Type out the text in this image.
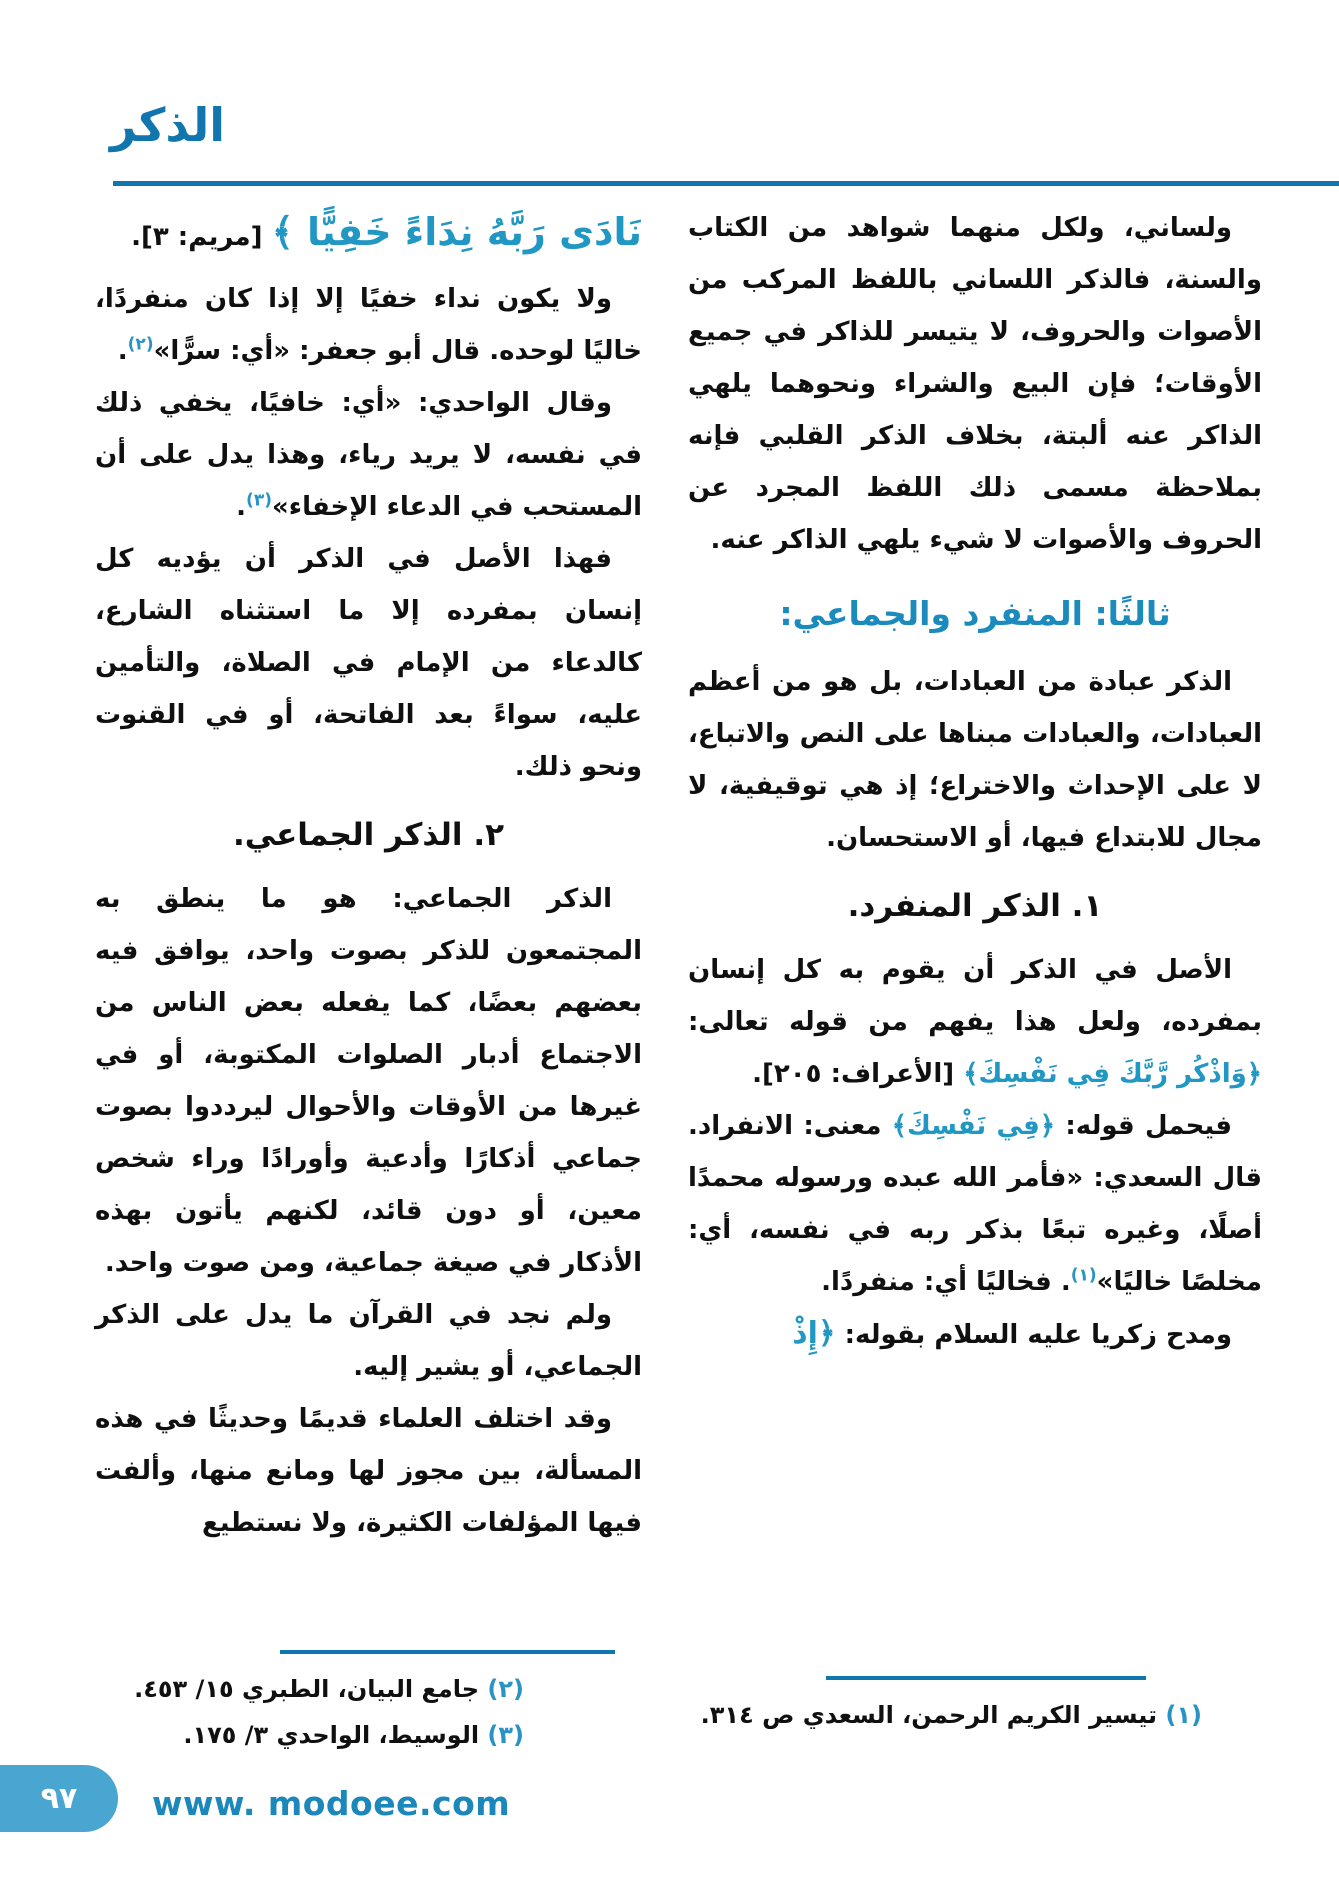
الذكر

ولساني، ولكل منهما شواهد من الكتاب والسنة، فالذكر اللساني باللفظ المركب من الأصوات والحروف، لا يتيسر للذاكر في جميع الأوقات؛ فإن البيع والشراء ونحوهما يلهي الذاكر عنه ألبتة، بخلاف الذكر القلبي فإنه بملاحظة مسمى ذلك اللفظ المجرد عن الحروف والأصوات لا شيء يلهي الذاكر عنه.

ثالثًا: المنفرد والجماعي:

الذكر عبادة من العبادات، بل هو من أعظم العبادات، والعبادات مبناها على النص والاتباع، لا على الإحداث والاختراع؛ إذ هي توقيفية، لا مجال للابتداع فيها، أو الاستحسان.

١. الذكر المنفرد.

الأصل في الذكر أن يقوم به كل إنسان بمفرده، ولعل هذا يفهم من قوله تعالى: ﴿وَاذْكُر رَّبَّكَ فِي نَفْسِكَ﴾ [الأعراف: ٢٠٥].

فيحمل قوله: ﴿فِي نَفْسِكَ﴾ معنى: الانفراد. قال السعدي: «فأمر الله عبده ورسوله محمدًا أصلًا، وغيره تبعًا بذكر ربه في نفسه، أي: مخلصًا خاليًا»$^{(١)}$. فخاليًا أي: منفردًا.

ومدح زكريا عليه السلام بقوله: ﴿إِذْ

نَادَى رَبَّهُ نِدَاءً خَفِيًّا ﴾ [مريم: ٣].

ولا يكون نداء خفيًا إلا إذا كان منفردًا، خاليًا لوحده. قال أبو جعفر: «أي: سرًّا»$^{(٢)}$.

وقال الواحدي: «أي: خافيًا، يخفي ذلك في نفسه، لا يريد رياء، وهذا يدل على أن المستحب في الدعاء الإخفاء»$^{(٣)}$.

فهذا الأصل في الذكر أن يؤديه كل إنسان بمفرده إلا ما استثناه الشارع، كالدعاء من الإمام في الصلاة، والتأمين عليه، سواءً بعد الفاتحة، أو في القنوت ونحو ذلك.

٢. الذكر الجماعي.

الذكر الجماعي: هو ما ينطق به المجتمعون للذكر بصوت واحد، يوافق فيه بعضهم بعضًا، كما يفعله بعض الناس من الاجتماع أدبار الصلوات المكتوبة، أو في غيرها من الأوقات والأحوال ليرددوا بصوت جماعي أذكارًا وأدعية وأورادًا وراء شخص معين، أو دون قائد، لكنهم يأتون بهذه الأذكار في صيغة جماعية، ومن صوت واحد.

ولم نجد في القرآن ما يدل على الذكر الجماعي، أو يشير إليه.

وقد اختلف العلماء قديمًا وحديثًا في هذه المسألة، بين مجوز لها ومانع منها، وألفت فيها المؤلفات الكثيرة، ولا نستطيع

(٢) جامع البيان، الطبري ١٥/ ٤٥٣.

(٣) الوسيط، الواحدي ٣/ ١٧٥.

(١) تيسير الكريم الرحمن، السعدي ص ٣١٤.

٩٧ www. modoee.com
